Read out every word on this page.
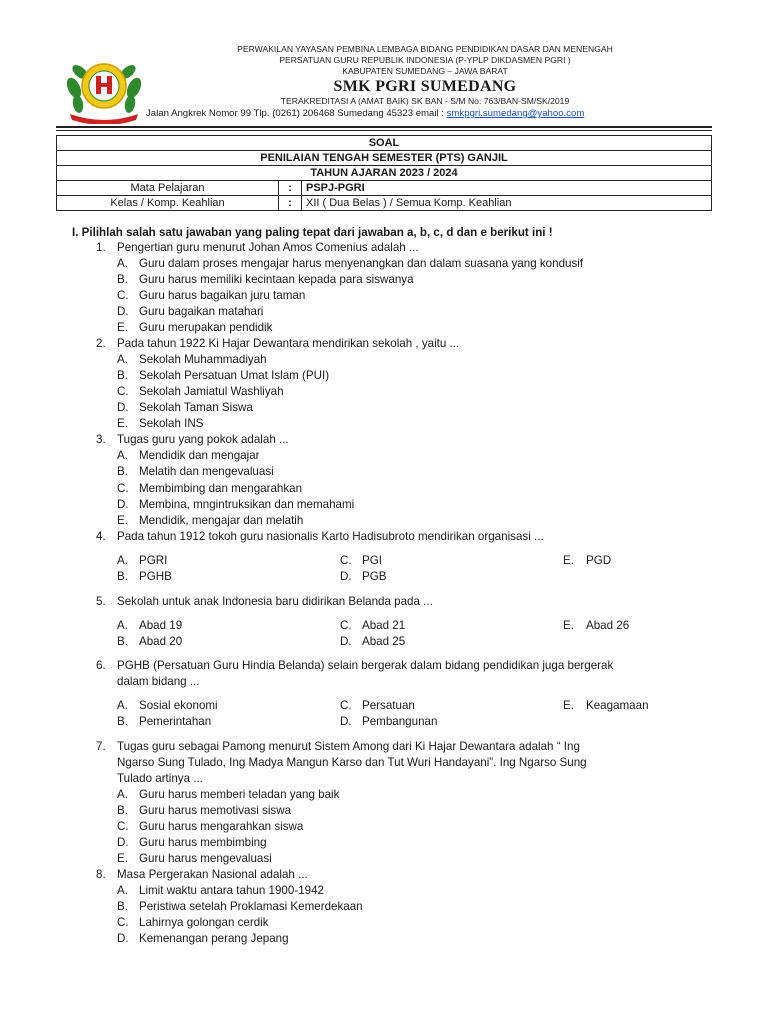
PERWAKILAN YAYASAN PEMBINA LEMBAGA BIDANG PENDIDIKAN DASAR DAN MENENGAH
PERSATUAN GURU REPUBLIK INDONESIA (P-YPLP DIKDASMEN PGRI )
KABUPATEN SUMEDANG – JAWA BARAT
SMK PGRI SUMEDANG
TERAKREDITASI A (AMAT BAIK) SK BAN - S/M No: 763/BAN-SM/SK/2019
Jalan Angkrek Nomor 99 Tlp. (0261) 206468 Sumedang 45323 email : smkpgri.sumedang@yahoo.com
SOAL		
PENILAIAN TENGAH SEMESTER (PTS) GANJIL		
TAHUN AJARAN 2023 / 2024		
Mata Pelajaran	:	PSPJ-PGRI
Kelas / Komp. Keahlian	:	XII ( Dua Belas ) / Semua Komp. Keahlian
I. Pilihlah salah satu jawaban yang paling tepat dari jawaban a, b, c, d dan e berikut ini !
1. Pengertian guru menurut Johan Amos Comenius adalah ...
A. Guru dalam proses mengajar harus menyenangkan dan dalam suasana yang kondusif
B. Guru harus memiliki kecintaan kepada para siswanya
C. Guru harus bagaikan juru taman
D. Guru bagaikan matahari
E. Guru merupakan pendidik
2. Pada tahun 1922 Ki Hajar Dewantara mendirikan sekolah , yaitu ...
A. Sekolah Muhammadiyah
B. Sekolah Persatuan Umat Islam (PUI)
C. Sekolah Jamiatul Washliyah
D. Sekolah Taman Siswa
E. Sekolah INS
3. Tugas guru yang pokok adalah ...
A. Mendidik dan mengajar
B. Melatih dan mengevaluasi
C. Membimbing dan mengarahkan
D. Membina, mngintruksikan dan memahami
E. Mendidik, mengajar dan melatih
4. Pada tahun 1912 tokoh guru nasionalis Karto Hadisubroto mendirikan organisasi ...
A. PGRI
B. PGHB
C. PGI
D. PGB
E. PGD
5. Sekolah untuk anak Indonesia baru didirikan Belanda pada ...
A. Abad 19
B. Abad 20
C. Abad 21
D. Abad 25
E. Abad 26
6. PGHB (Persatuan Guru Hindia Belanda) selain bergerak dalam bidang pendidikan juga bergerak
dalam bidang ...
A. Sosial ekonomi
B. Pemerintahan
C. Persatuan
D. Pembangunan
E. Keagamaan
7. Tugas guru sebagai Pamong menurut Sistem Among dari Ki Hajar Dewantara adalah “ Ing
Ngarso Sung Tulado, Ing Madya Mangun Karso dan Tut Wuri Handayani”. Ing Ngarso Sung
Tulado artinya ...
A. Guru harus memberi teladan yang baik
B. Guru harus memotivasi siswa
C. Guru harus mengarahkan siswa
D. Guru harus membimbing
E. Guru harus mengevaluasi
8. Masa Pergerakan Nasional adalah ...
A. Limit waktu antara tahun 1900-1942
B. Peristiwa setelah Proklamasi Kemerdekaan
C. Lahirnya golongan cerdik
D. Kemenangan perang Jepang
